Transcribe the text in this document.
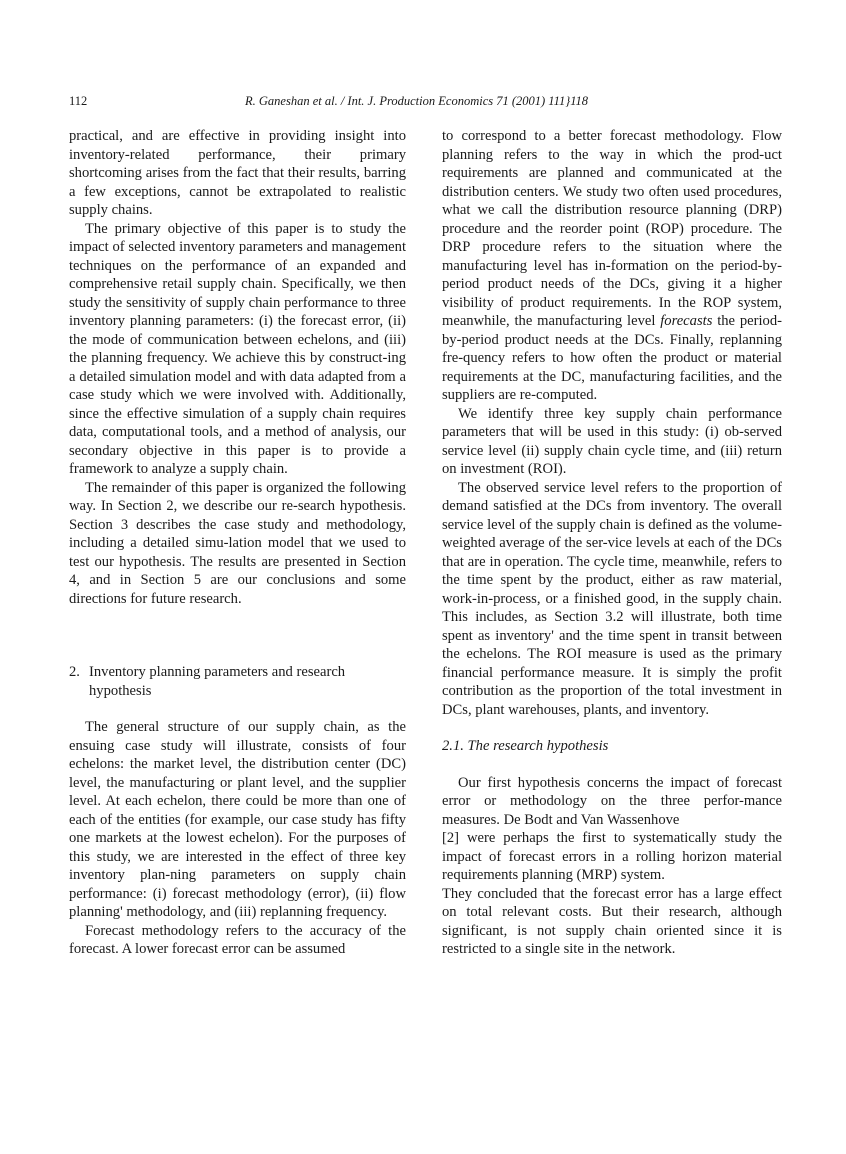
112	R. Ganeshan et al. / Int. J. Production Economics 71 (2001) 111}118

practical, and are effective in providing insight into inventory-related performance, their primary shortcoming arises from the fact that their results, barring a few exceptions, cannot be extrapolated to realistic supply chains.

The primary objective of this paper is to study the impact of selected inventory parameters and management techniques on the performance of an expanded and comprehensive retail supply chain. Specifically, we then study the sensitivity of supply chain performance to three inventory planning parameters: (i) the forecast error, (ii) the mode of communication between echelons, and (iii) the planning frequency. We achieve this by construct-ing a detailed simulation model and with data adapted from a case study which we were involved with. Additionally, since the effective simulation of a supply chain requires data, computational tools, and a method of analysis, our secondary objective in this paper is to provide a framework to analyze a supply chain.

The remainder of this paper is organized the following way. In Section 2, we describe our re-search hypothesis. Section 3 describes the case study and methodology, including a detailed simu-lation model that we used to test our hypothesis. The results are presented in Section 4, and in Section 5 are our conclusions and some directions for future research.

2. Inventory planning parameters and research
hypothesis

The general structure of our supply chain, as the ensuing case study will illustrate, consists of four echelons: the market level, the distribution center (DC) level, the manufacturing or plant level, and the supplier level. At each echelon, there could be more than one of each of the entities (for example, our case study has fifty one markets at the lowest echelon). For the purposes of this study, we are interested in the effect of three key inventory plan-ning parameters on supply chain performance: (i) forecast methodology (error), (ii) flow planning' methodology, and (iii) replanning frequency.

Forecast methodology refers to the accuracy of the forecast. A lower forecast error can be assumed

to correspond to a better forecast methodology. Flow planning refers to the way in which the prod-uct requirements are planned and communicated at the distribution centers. We study two often used procedures, what we call the distribution resource planning (DRP) procedure and the reorder point (ROP) procedure. The DRP procedure refers to the situation where the manufacturing level has in-formation on the period-by-period product needs of the DCs, giving it a higher visibility of product requirements. In the ROP system, meanwhile, the manufacturing level forecasts the period-by-period product needs at the DCs. Finally, replanning fre-quency refers to how often the product or material requirements at the DC, manufacturing facilities, and the suppliers are re-computed.

We identify three key supply chain performance parameters that will be used in this study: (i) ob-served service level (ii) supply chain cycle time, and (iii) return on investment (ROI).

The observed service level refers to the proportion of demand satisfied at the DCs from inventory. The overall service level of the supply chain is defined as the volume-weighted average of the ser-vice levels at each of the DCs that are in operation. The cycle time, meanwhile, refers to the time spent by the product, either as raw material, work-in-process, or a finished good, in the supply chain. This includes, as Section 3.2 will illustrate, both time spent as inventory' and the time spent in transit between the echelons. The ROI measure is used as the primary financial performance measure. It is simply the profit contribution as the proportion of the total investment in DCs, plant warehouses, plants, and inventory.

2.1. The research hypothesis

Our first hypothesis concerns the impact of forecast error or methodology on the three perfor-mance measures. De Bodt and Van Wassenhove

[2] were perhaps the first to systematically study the impact of forecast errors in a rolling horizon material requirements planning (MRP) system.

They concluded that the forecast error has a large effect on total relevant costs. But their research, although significant, is not supply chain oriented since it is restricted to a single site in the network.
